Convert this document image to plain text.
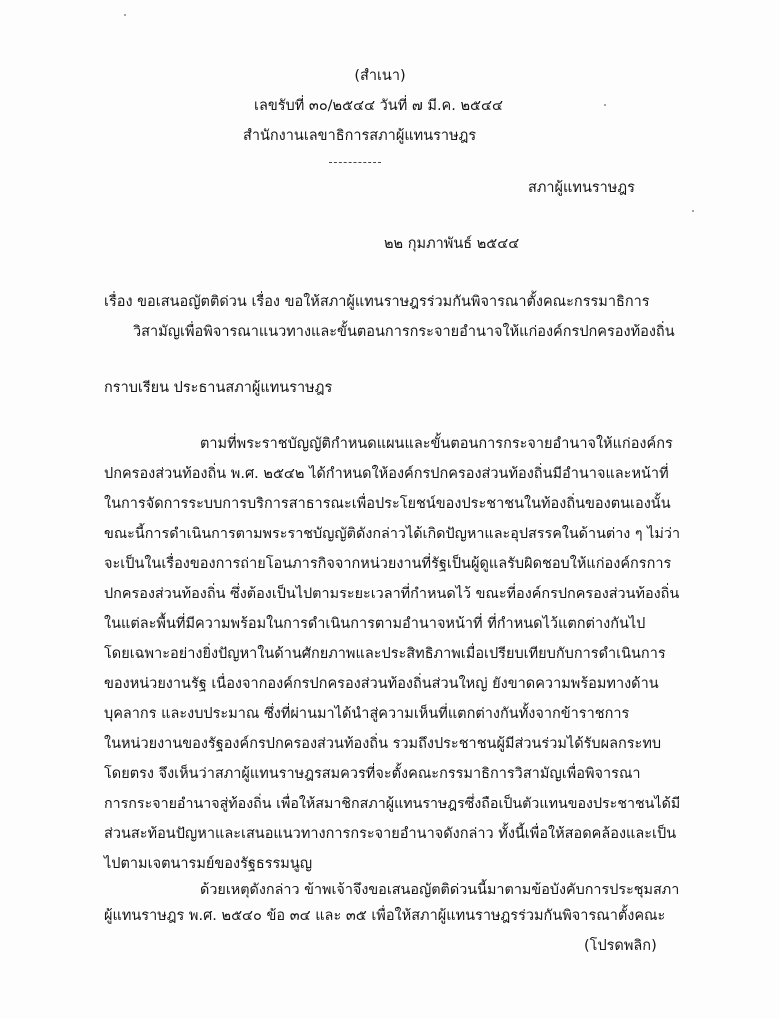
(สำเนา)
เลขรับที่ ๓๐/๒๕๔๔ วันที่ ๗ มี.ค. ๒๕๔๔
สำนักงานเลขาธิการสภาผู้แทนราษฎร
สภาผู้แทนราษฎร
๒๒ กุมภาพันธ์ ๒๕๔๔
เรื่อง ขอเสนอญัตติด่วน เรื่อง ขอให้สภาผู้แทนราษฎรร่วมกันพิจารณาตั้งคณะกรรมาธิการ
วิสามัญเพื่อพิจารณาแนวทางและขั้นตอนการกระจายอำนาจให้แก่องค์กรปกครองท้องถิ่น
กราบเรียน ประธานสภาผู้แทนราษฎร
ตามที่พระราชบัญญัติกำหนดแผนและขั้นตอนการกระจายอำนาจให้แก่องค์กร
ปกครองส่วนท้องถิ่น พ.ศ. ๒๕๔๒ ได้กำหนดให้องค์กรปกครองส่วนท้องถิ่นมีอำนาจและหน้าที่
ในการจัดการระบบการบริการสาธารณะเพื่อประโยชน์ของประชาชนในท้องถิ่นของตนเองนั้น
ขณะนี้การดำเนินการตามพระราชบัญญัติดังกล่าวได้เกิดปัญหาและอุปสรรคในด้านต่าง ๆ ไม่ว่า
จะเป็นในเรื่องของการถ่ายโอนภารกิจจากหน่วยงานที่รัฐเป็นผู้ดูแลรับผิดชอบให้แก่องค์กรการ
ปกครองส่วนท้องถิ่น ซึ่งต้องเป็นไปตามระยะเวลาที่กำหนดไว้ ขณะที่องค์กรปกครองส่วนท้องถิ่น
ในแต่ละพื้นที่มีความพร้อมในการดำเนินการตามอำนาจหน้าที่ ที่กำหนดไว้แตกต่างกันไป
โดยเฉพาะอย่างยิ่งปัญหาในด้านศักยภาพและประสิทธิภาพเมื่อเปรียบเทียบกับการดำเนินการ
ของหน่วยงานรัฐ เนื่องจากองค์กรปกครองส่วนท้องถิ่นส่วนใหญ่ ยังขาดความพร้อมทางด้าน
บุคลากร และงบประมาณ ซึ่งที่ผ่านมาได้นำสู่ความเห็นที่แตกต่างกันทั้งจากข้าราชการ
ในหน่วยงานของรัฐองค์กรปกครองส่วนท้องถิ่น รวมถึงประชาชนผู้มีส่วนร่วมได้รับผลกระทบ
โดยตรง จึงเห็นว่าสภาผู้แทนราษฎรสมควรที่จะตั้งคณะกรรมาธิการวิสามัญเพื่อพิจารณา
การกระจายอำนาจสู่ท้องถิ่น เพื่อให้สมาชิกสภาผู้แทนราษฎรซึ่งถือเป็นตัวแทนของประชาชนได้มี
ส่วนสะท้อนปัญหาและเสนอแนวทางการกระจายอำนาจดังกล่าว ทั้งนี้เพื่อให้สอดคล้องและเป็น
ไปตามเจตนารมย์ของรัฐธรรมนูญ
ด้วยเหตุดังกล่าว ข้าพเจ้าจึงขอเสนอญัตติด่วนนี้มาตามข้อบังคับการประชุมสภา
ผู้แทนราษฎร พ.ศ. ๒๕๔๐ ข้อ ๓๔ และ ๓๕ เพื่อให้สภาผู้แทนราษฎรร่วมกันพิจารณาตั้งคณะ
(โปรดพลิก)
